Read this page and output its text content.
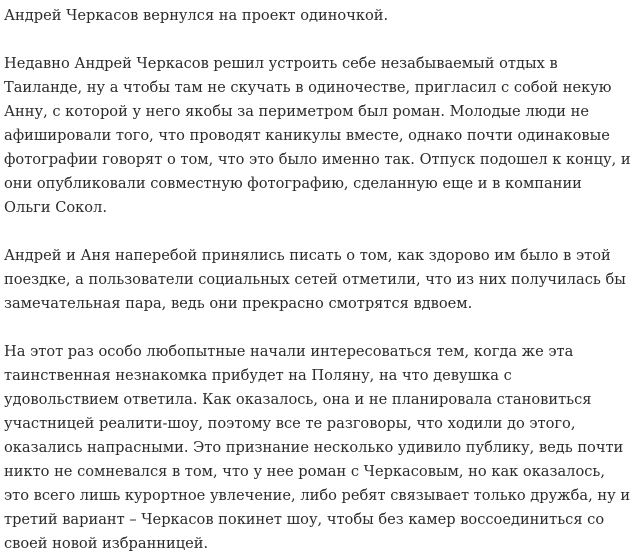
Андрей Черкасов вернулся на проект одиночкой.

Недавно Андрей Черкасов решил устроить себе незабываемый отдых в Таиланде, ну а чтобы там не скучать в одиночестве, пригласил с собой некую Анну, с которой у него якобы за периметром был роман. Молодые люди не афишировали того, что проводят каникулы вместе, однако почти одинаковые фотографии говорят о том, что это было именно так. Отпуск подошел к концу, и они опубликовали совместную фотографию, сделанную еще и в компании Ольги Сокол.

Андрей и Аня наперебой принялись писать о том, как здорово им было в этой поездке, а пользователи социальных сетей отметили, что из них получилась бы замечательная пара, ведь они прекрасно смотрятся вдвоем.

На этот раз особо любопытные начали интересоваться тем, когда же эта таинственная незнакомка прибудет на Поляну, на что девушка с удовольствием ответила. Как оказалось, она и не планировала становиться участницей реалити-шоу, поэтому все те разговоры, что ходили до этого, оказались напрасными. Это признание несколько удивило публику, ведь почти никто не сомневался в том, что у нее роман с Черкасовым, но как оказалось, это всего лишь курортное увлечение, либо ребят связывает только дружба, ну и третий вариант – Черкасов покинет шоу, чтобы без камер воссоединиться со своей новой избранницей.
